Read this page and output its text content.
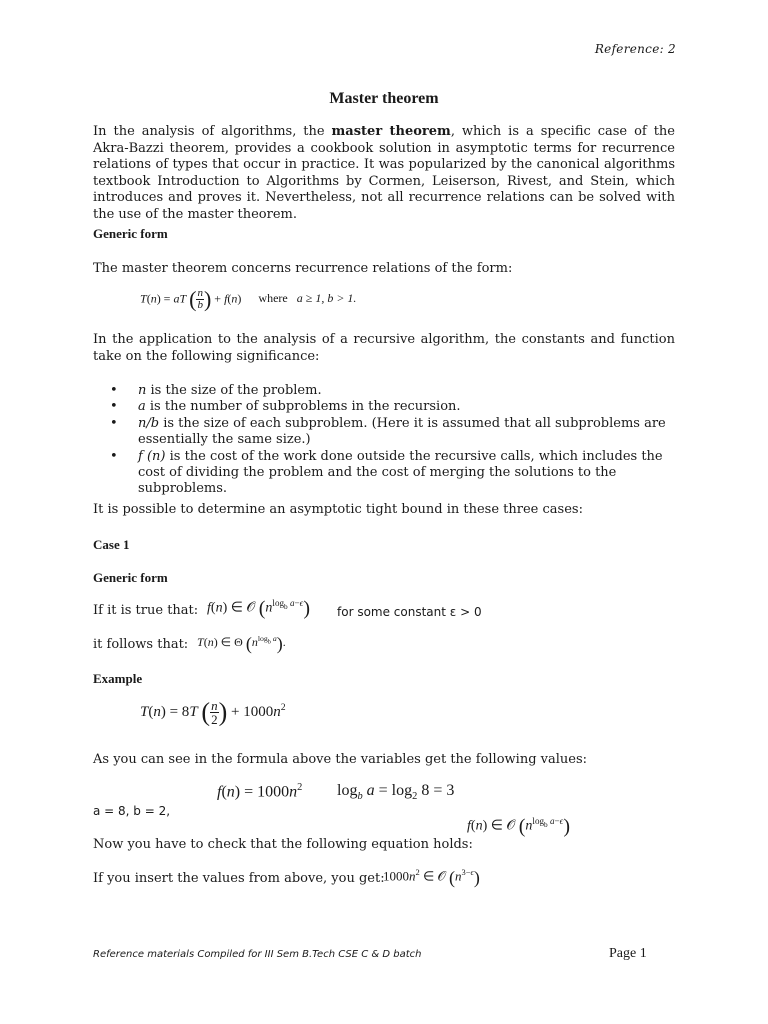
Reference: 2
Master theorem
In the analysis of algorithms, the master theorem, which is a specific case of the Akra-Bazzi theorem, provides a cookbook solution in asymptotic terms for recurrence relations of types that occur in practice. It was popularized by the canonical algorithms textbook Introduction to Algorithms by Cormen, Leiserson, Rivest, and Stein, which introduces and proves it. Nevertheless, not all recurrence relations can be solved with the use of the master theorem.
Generic form
The master theorem concerns recurrence relations of the form:
T(n) = aT ( $\frac{n}{b}$ ) + f(n) where a ≥ 1, b > 1.
In the application to the analysis of a recursive algorithm, the constants and function take on the following significance:
• n is the size of the problem.
• a is the number of subproblems in the recursion.
• n/b is the size of each subproblem. (Here it is assumed that all subproblems are essentially the same size.)
• f (n) is the cost of the work done outside the recursive calls, which includes the cost of dividing the problem and the cost of merging the solutions to the subproblems.
It is possible to determine an asymptotic tight bound in these three cases:
Case 1
Generic form
If it is true that: f(n) ∈ 𝒪 $(n^{log_b a-\epsilon})$ for some constant ε > 0
it follows that: T(n) ∈ Θ $(n^{log_b a})$.
Example
T(n) = 8T ( $\frac{n}{2}$ ) + $1000n^2$
As you can see in the formula above the variables get the following values:
$f(n) = 1000n^2$ $\log_b a = \log_2 8 = 3$
a = 8, b = 2,
f(n) ∈ 𝒪 $(n^{log_b a-\epsilon})$
Now you have to check that the following equation holds:
If you insert the values from above, you get:
$1000n^2$ ∈ 𝒪 $(n^{3-\epsilon})$
Reference materials Compiled for III Sem B.Tech CSE C & D batch	Page 1
